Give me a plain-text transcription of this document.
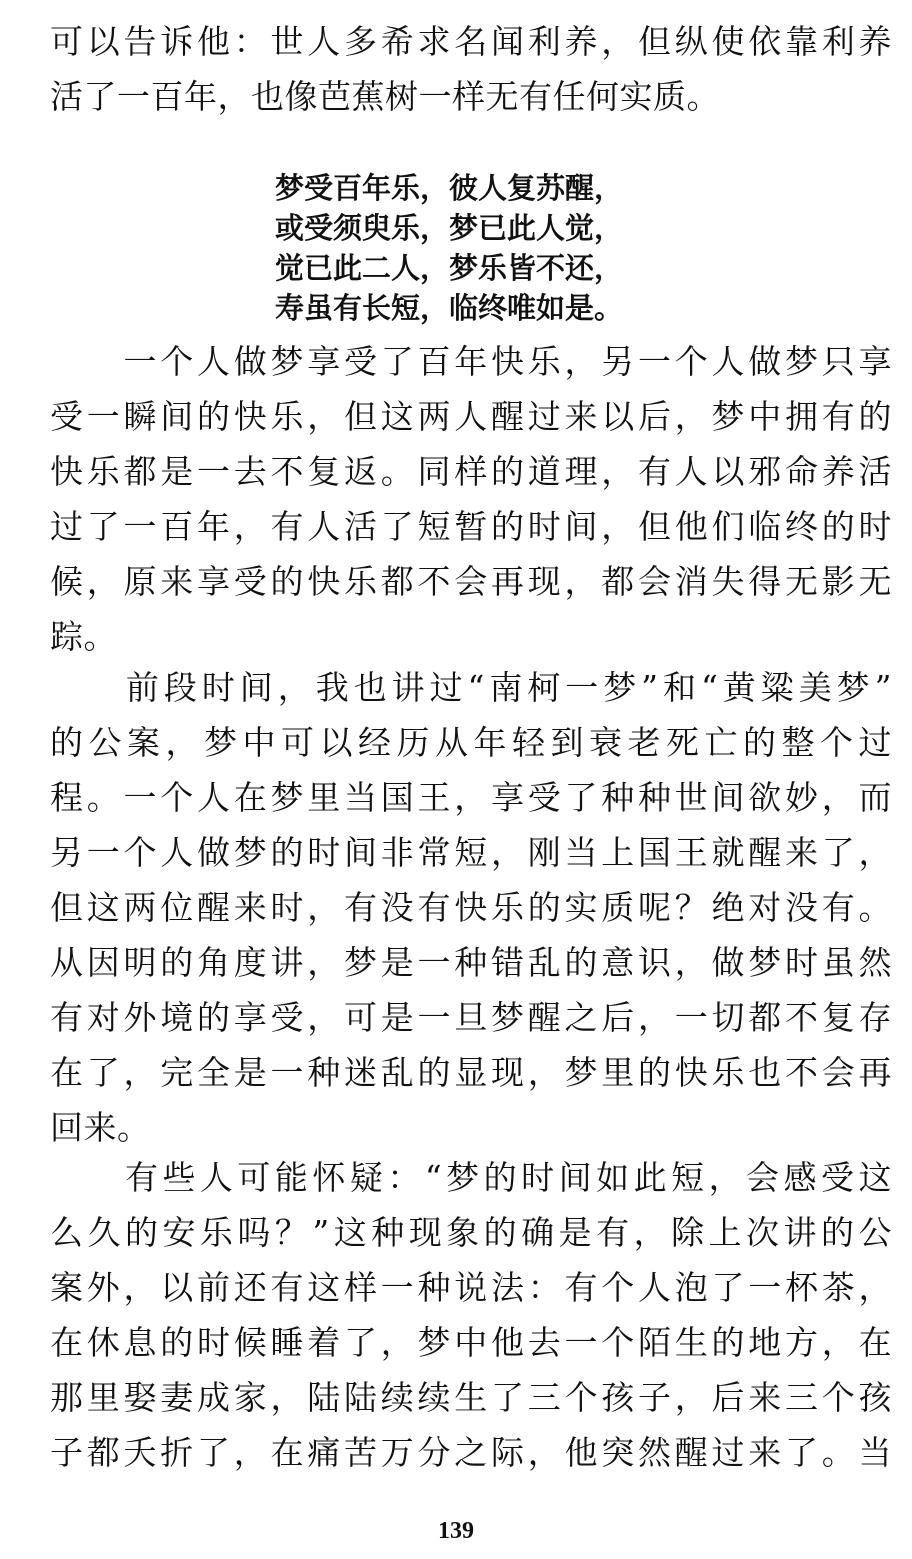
可以告诉他：世人多希求名闻利养，但纵使依靠利养
活了一百年，也像芭蕉树一样无有任何实质。
梦受百年乐，彼人复苏醒，
或受须臾乐，梦已此人觉，
觉已此二人，梦乐皆不还，
寿虽有长短，临终唯如是。
　　一个人做梦享受了百年快乐，另一个人做梦只享
受一瞬间的快乐，但这两人醒过来以后，梦中拥有的
快乐都是一去不复返。同样的道理，有人以邪命养活
过了一百年，有人活了短暂的时间，但他们临终的时
候，原来享受的快乐都不会再现，都会消失得无影无
踪。
　　前段时间，我也讲过“南柯一梦”和“黄粱美梦”
的公案，梦中可以经历从年轻到衰老死亡的整个过
程。一个人在梦里当国王，享受了种种世间欲妙，而
另一个人做梦的时间非常短，刚当上国王就醒来了，
但这两位醒来时，有没有快乐的实质呢？绝对没有。
从因明的角度讲，梦是一种错乱的意识，做梦时虽然
有对外境的享受，可是一旦梦醒之后，一切都不复存
在了，完全是一种迷乱的显现，梦里的快乐也不会再
回来。
　　有些人可能怀疑：“梦的时间如此短，会感受这
么久的安乐吗？”这种现象的确是有，除上次讲的公
案外，以前还有这样一种说法：有个人泡了一杯茶，
在休息的时候睡着了，梦中他去一个陌生的地方，在
那里娶妻成家，陆陆续续生了三个孩子，后来三个孩
子都夭折了，在痛苦万分之际，他突然醒过来了。当
139
